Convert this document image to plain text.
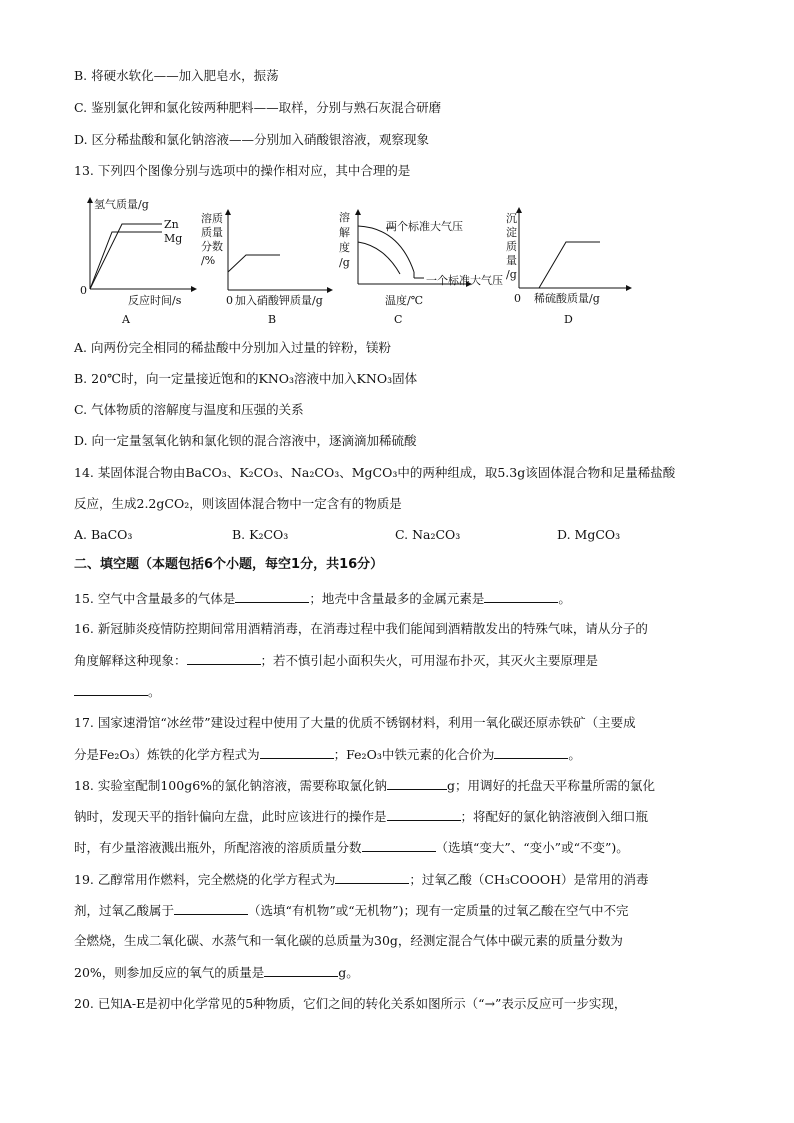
B. 将硬水软化——加入肥皂水，振荡
C. 鉴别氯化钾和氯化铵两种肥料——取样，分别与熟石灰混合研磨
D. 区分稀盐酸和氯化钠溶液——分别加入硝酸银溶液，观察现象
13. 下列四个图像分别与选项中的操作相对应，其中合理的是
氢气质量/g
Zn
Mg
0
反应时间/s
A
溶质
质量
分数
/%
0 加入硝酸钾质量/g
B
溶
解
度
/g
两个标准大气压
一个标准大气压
温度/℃
C
沉
淀
质
量
/g
0 稀硫酸质量/g
D
A. 向两份完全相同的稀盐酸中分别加入过量的锌粉，镁粉
B. 20℃时，向一定量接近饱和的KNO₃溶液中加入KNO₃固体
C. 气体物质的溶解度与温度和压强的关系
D. 向一定量氢氧化钠和氯化钡的混合溶液中，逐滴滴加稀硫酸
14. 某固体混合物由BaCO₃、K₂CO₃、Na₂CO₃、MgCO₃中的两种组成，取5.3g该固体混合物和足量稀盐酸
反应，生成2.2gCO₂，则该固体混合物中一定含有的物质是
A. BaCO₃	B. K₂CO₃	C. Na₂CO₃	D. MgCO₃
二、填空题（本题包括6个小题，每空1分，共16分）
15. 空气中含量最多的气体是	；地壳中含量最多的金属元素是	。
16. 新冠肺炎疫情防控期间常用酒精消毒，在消毒过程中我们能闻到酒精散发出的特殊气味，请从分子的
角度解释这种现象：	；若不慎引起小面积失火，可用湿布扑灭，其灭火主要原理是
。
17. 国家速滑馆“冰丝带”建设过程中使用了大量的优质不锈钢材料，利用一氧化碳还原赤铁矿（主要成
分是Fe₂O₃）炼铁的化学方程式为	；Fe₂O₃中铁元素的化合价为	。
18. 实验室配制100g6%的氯化钠溶液，需要称取氯化钠	g；用调好的托盘天平称量所需的氯化
钠时，发现天平的指针偏向左盘，此时应该进行的操作是	；将配好的氯化钠溶液倒入细口瓶
时，有少量溶液溅出瓶外，所配溶液的溶质质量分数	（选填“变大”、“变小”或“不变”)。
19. 乙醇常用作燃料，完全燃烧的化学方程式为	；过氧乙酸（CH₃COOOH）是常用的消毒
剂，过氧乙酸属于	（选填“有机物”或“无机物”)；现有一定质量的过氧乙酸在空气中不完
全燃烧，生成二氧化碳、水蒸气和一氧化碳的总质量为30g，经测定混合气体中碳元素的质量分数为
20%，则参加反应的氧气的质量是	g。
20. 已知A-E是初中化学常见的5种物质，它们之间的转化关系如图所示（“→”表示反应可一步实现，
